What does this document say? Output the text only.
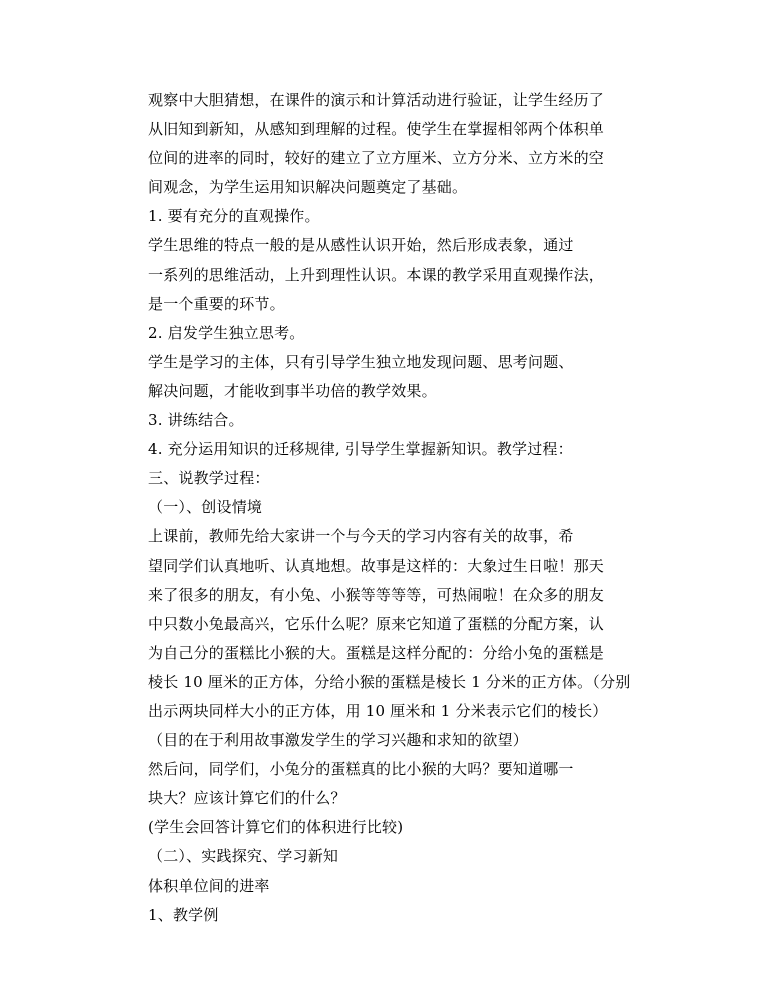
观察中大胆猜想，在课件的演示和计算活动进行验证，让学生经历了
从旧知到新知，从感知到理解的过程。使学生在掌握相邻两个体积单
位间的进率的同时，较好的建立了立方厘米、立方分米、立方米的空
间观念，为学生运用知识解决问题奠定了基础。
1. 要有充分的直观操作。
学生思维的特点一般的是从感性认识开始，然后形成表象，通过
一系列的思维活动，上升到理性认识。本课的教学采用直观操作法，
是一个重要的环节。
2. 启发学生独立思考。
学生是学习的主体，只有引导学生独立地发现问题、思考问题、
解决问题，才能收到事半功倍的教学效果。
3. 讲练结合。
4. 充分运用知识的迁移规律, 引导学生掌握新知识。教学过程：
三、说教学过程：
（一）、创设情境
上课前，教师先给大家讲一个与今天的学习内容有关的故事，希
望同学们认真地听、认真地想。故事是这样的：大象过生日啦！那天
来了很多的朋友，有小兔、小猴等等等等，可热闹啦！在众多的朋友
中只数小兔最高兴，它乐什么呢？原来它知道了蛋糕的分配方案，认
为自己分的蛋糕比小猴的大。蛋糕是这样分配的：分给小兔的蛋糕是
棱长 10 厘米的正方体，分给小猴的蛋糕是棱长 1 分米的正方体。（分别
出示两块同样大小的正方体，用 10 厘米和 1 分米表示它们的棱长）
（目的在于利用故事激发学生的学习兴趣和求知的欲望）
然后问，同学们，小兔分的蛋糕真的比小猴的大吗？要知道哪一
块大？应该计算它们的什么？
(学生会回答计算它们的体积进行比较)
（二）、实践探究、学习新知
体积单位间的进率
1、教学例
